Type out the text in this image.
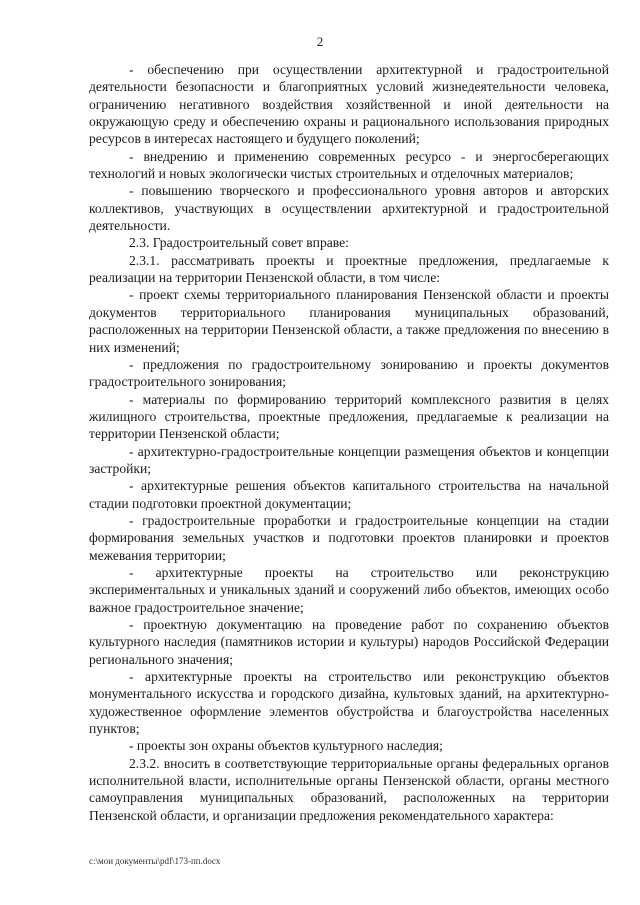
2

- обеспечению при осуществлении архитектурной и градостроительной деятельности безопасности и благоприятных условий жизнедеятельности человека, ограничению негативного воздействия хозяйственной и иной деятельности на окружающую среду и обеспечению охраны и рационального использования природных ресурсов в интересах настоящего и будущего поколений;

- внедрению и применению современных ресурсо - и энергосберегающих технологий и новых экологически чистых строительных и отделочных материалов;

- повышению творческого и профессионального уровня авторов и авторских коллективов, участвующих в осуществлении архитектурной и градостроительной деятельности.

2.3. Градостроительный совет вправе:

2.3.1. рассматривать проекты и проектные предложения, предлагаемые к реализации на территории Пензенской области, в том числе:

- проект схемы территориального планирования Пензенской области и проекты документов территориального планирования муниципальных образований, расположенных на территории Пензенской области, а также предложения по внесению в них изменений;

- предложения по градостроительному зонированию и проекты документов градостроительного зонирования;

- материалы по формированию территорий комплексного развития в целях жилищного строительства, проектные предложения, предлагаемые к реализации на территории Пензенской области;

- архитектурно-градостроительные концепции размещения объектов и концепции застройки;

- архитектурные решения объектов капитального строительства на начальной стадии подготовки проектной документации;

- градостроительные проработки и градостроительные концепции на стадии формирования земельных участков и подготовки проектов планировки и проектов межевания территории;

- архитектурные проекты на строительство или реконструкцию экспериментальных и уникальных зданий и сооружений либо объектов, имеющих особо важное градостроительное значение;

- проектную документацию на проведение работ по сохранению объектов культурного наследия (памятников истории и культуры) народов Российской Федерации регионального значения;

- архитектурные проекты на строительство или реконструкцию объектов монументального искусства и городского дизайна, культовых зданий, на архитектурно-художественное оформление элементов обустройства и благоустройства населенных пунктов;

- проекты зон охраны объектов культурного наследия;

2.3.2. вносить в соответствующие территориальные органы федеральных органов исполнительной власти, исполнительные органы Пензенской области, органы местного самоуправления муниципальных образований, расположенных на территории Пензенской области, и организации предложения рекомендательного характера:

c:\мои документы\pdf\173-пп.docx
